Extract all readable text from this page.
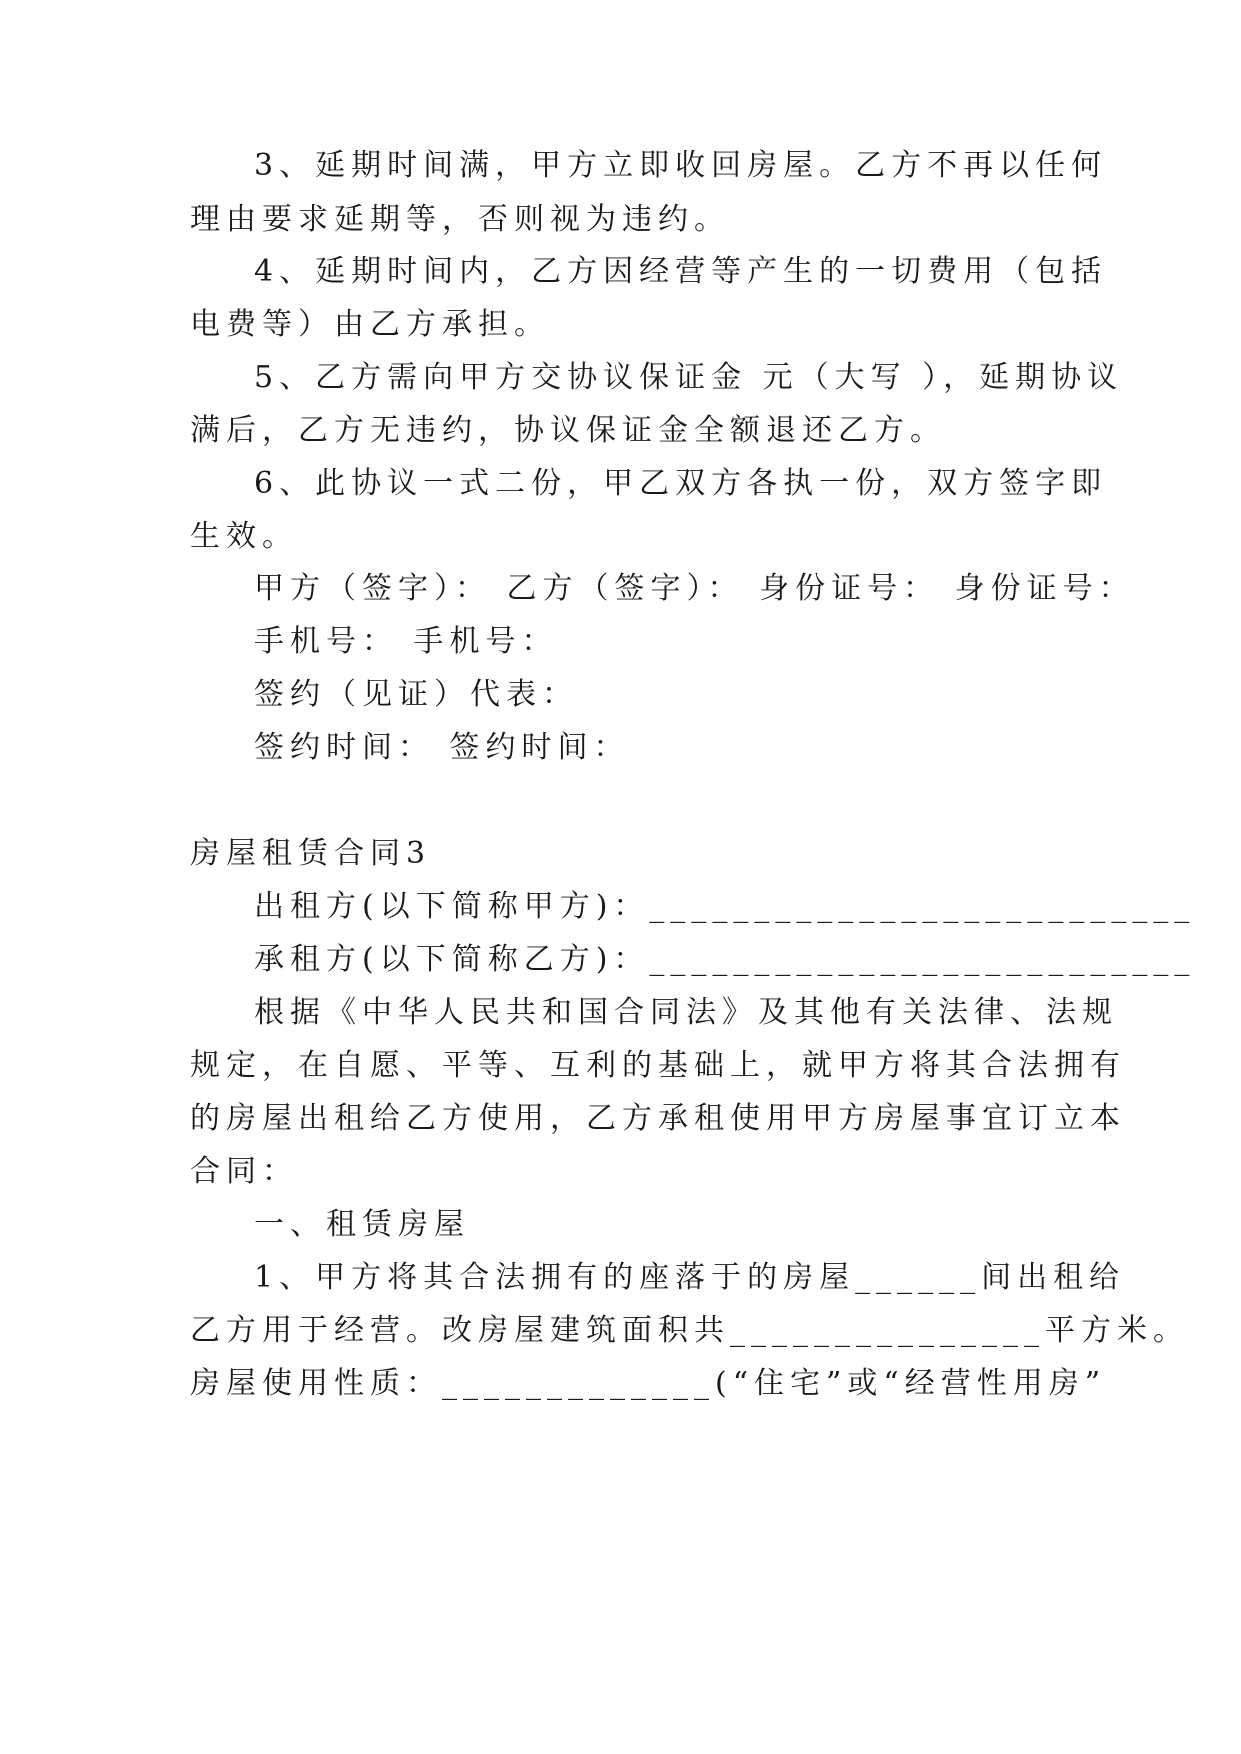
3、延期时间满，甲方立即收回房屋。乙方不再以任何
理由要求延期等，否则视为违约。
4、延期时间内，乙方因经营等产生的一切费用（包括
电费等）由乙方承担。
5、乙方需向甲方交协议保证金 元（大写 ），延期协议
满后，乙方无违约，协议保证金全额退还乙方。
6、此协议一式二份，甲乙双方各执一份，双方签字即
生效。
甲方（签字）： 乙方（签字）： 身份证号： 身份证号：
手机号： 手机号：
签约（见证）代表：
签约时间： 签约时间：
房屋租赁合同3
出租方(以下简称甲方)：__________________________
承租方(以下简称乙方)：__________________________
根据《中华人民共和国合同法》及其他有关法律、法规
规定，在自愿、平等、互利的基础上，就甲方将其合法拥有
的房屋出租给乙方使用，乙方承租使用甲方房屋事宜订立本
合同：
一、租赁房屋
1、甲方将其合法拥有的座落于的房屋______间出租给
乙方用于经营。改房屋建筑面积共_______________平方米。
房屋使用性质：_____________(“住宅”或“经营性用房”
